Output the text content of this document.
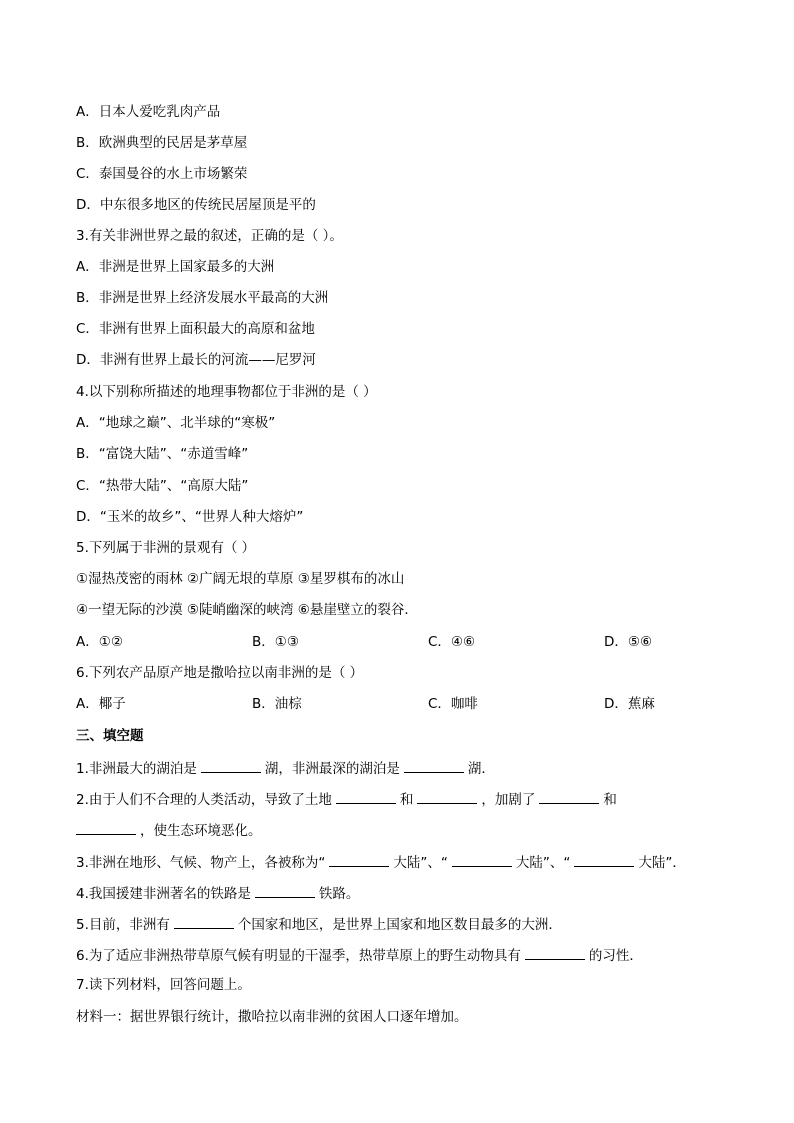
A．日本人爱吃乳肉产品
B．欧洲典型的民居是茅草屋
C．泰国曼谷的水上市场繁荣
D．中东很多地区的传统民居屋顶是平的
3.有关非洲世界之最的叙述，正确的是（ ）。
A．非洲是世界上国家最多的大洲
B．非洲是世界上经济发展水平最高的大洲
C．非洲有世界上面积最大的高原和盆地
D．非洲有世界上最长的河流——尼罗河
4.以下别称所描述的地理事物都位于非洲的是（ ）
A．“地球之巅”、北半球的“寒极”
B．“富饶大陆”、“赤道雪峰”
C．“热带大陆”、“高原大陆”
D．“玉米的故乡”、“世界人种大熔炉”
5.下列属于非洲的景观有（ ）
①湿热茂密的雨林 ②广阔无垠的草原 ③星罗棋布的冰山
④一望无际的沙漠 ⑤陡峭幽深的峡湾 ⑥悬崖壁立的裂谷．
A．①②	B．①③	C．④⑥	D．⑤⑥
6.下列农产品原产地是撒哈拉以南非洲的是（ ）
A．椰子	B．油棕	C．咖啡	D．蕉麻
三、填空题
1.非洲最大的湖泊是	湖，非洲最深的湖泊是	湖．
2.由于人们不合理的人类活动，导致了土地	和	，加剧了	和
，使生态环境恶化。
3.非洲在地形、气候、物产上，各被称为“	大陆”、“	大陆”、“	大陆”．
4.我国援建非洲著名的铁路是	铁路。
5.目前，非洲有	个国家和地区，是世界上国家和地区数目最多的大洲．
6.为了适应非洲热带草原气候有明显的干湿季，热带草原上的野生动物具有	的习性．
7.读下列材料，回答问题上。
材料一：据世界银行统计，撒哈拉以南非洲的贫困人口逐年增加。
